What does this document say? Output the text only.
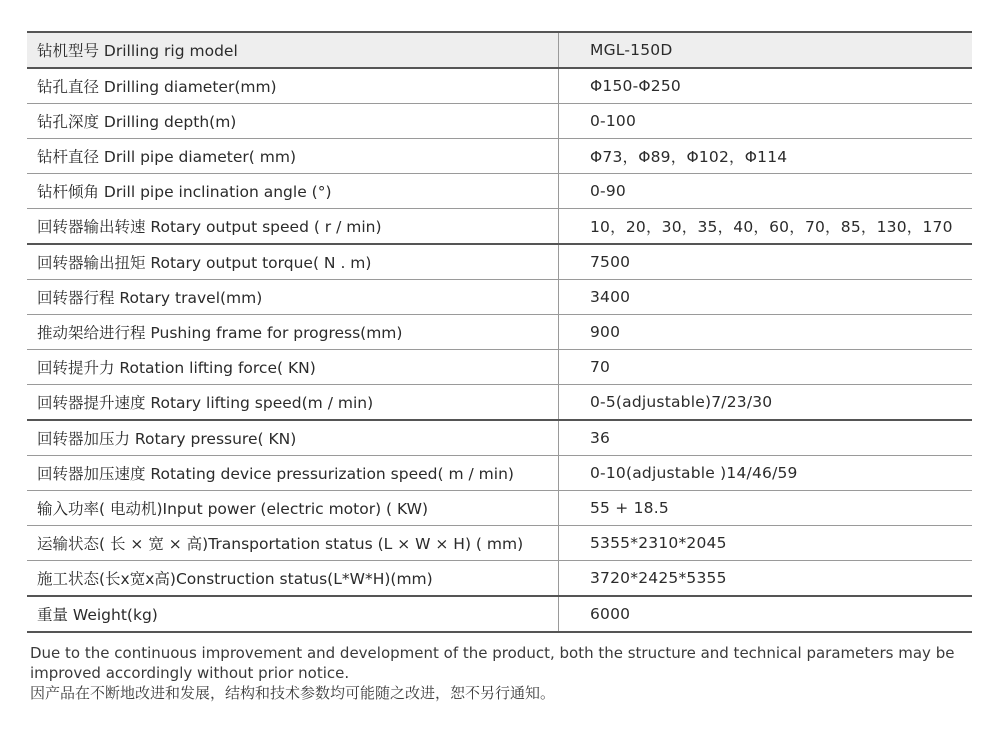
钻机型号 Drilling rig model	MGL-150D
钻孔直径 Drilling diameter(mm)	Φ150-Φ250
钻孔深度 Drilling depth(m)	0-100
钻杆直径 Drill pipe diameter( mm)	Φ73，Φ89，Φ102，Φ114
钻杆倾角 Drill pipe inclination angle (°)	0-90
回转器输出转速 Rotary output speed ( r / min)	10，20，30，35，40，60，70，85，130，170
回转器输出扭矩 Rotary output torque( N . m)	7500
回转器行程 Rotary travel(mm)	3400
推动架给进行程 Pushing frame for progress(mm)	900
回转提升力 Rotation lifting force( KN)	70
回转器提升速度 Rotary lifting speed(m / min)	0-5(adjustable)7/23/30
回转器加压力 Rotary pressure( KN)	36
回转器加压速度 Rotating device pressurization speed( m / min)	0-10(adjustable )14/46/59
输入功率( 电动机)Input power (electric motor) ( KW)	55 + 18.5
运输状态( 长 × 宽 × 高)Transportation status (L × W × H) ( mm)	5355*2310*2045
施工状态(长x宽x高)Construction status(L*W*H)(mm)	3720*2425*5355
重量 Weight(kg)	6000

Due to the continuous improvement and development of the product, both the structure and technical parameters may be improved accordingly without prior notice.

因产品在不断地改进和发展，结构和技术参数均可能随之改进，恕不另行通知。
